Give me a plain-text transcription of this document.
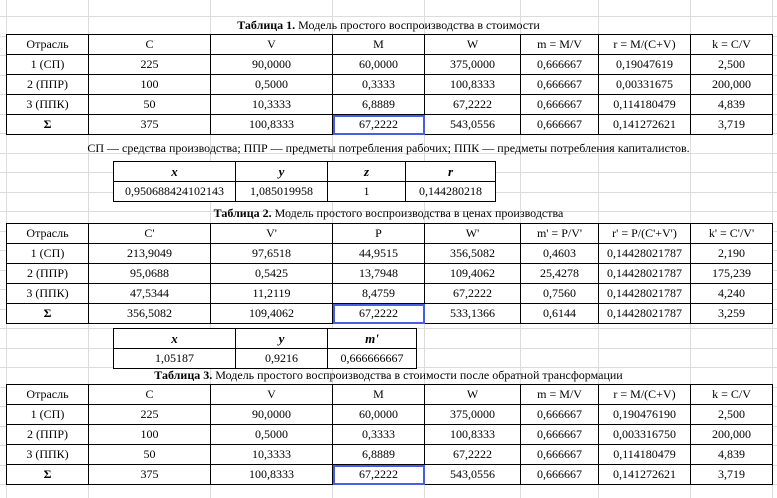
Таблица 1. Модель простого воспроизводства в стоимости
Отрасль	C	V	M	W	m = M/V	r = M/(C+V)	k = C/V
1 (СП)	225	90,0000	60,0000	375,0000	0,666667	0,19047619	2,500
2 (ППР)	100	0,5000	0,3333	100,8333	0,666667	0,00331675	200,000
3 (ППК)	50	10,3333	6,8889	67,2222	0,666667	0,114180479	4,839
Σ	375	100,8333	67,2222	543,0556	0,666667	0,141272621	3,719
СП — средства производства; ППР — предметы потребления рабочих; ППК — предметы потребления капиталистов.
x	y	z	r
0,950688424102143	1,085019958	1	0,144280218
Таблица 2. Модель простого воспроизводства в ценах производства
Отрасль	C'	V'	P	W'	m' = P/V'	r' = P/(C'+V')	k' = C'/V'
1 (СП)	213,9049	97,6518	44,9515	356,5082	0,4603	0,14428021787	2,190
2 (ППР)	95,0688	0,5425	13,7948	109,4062	25,4278	0,14428021787	175,239
3 (ППК)	47,5344	11,2119	8,4759	67,2222	0,7560	0,14428021787	4,240
Σ	356,5082	109,4062	67,2222	533,1366	0,6144	0,14428021787	3,259
x	y	m'
1,05187	0,9216	0,666666667
Таблица 3. Модель простого воспроизводства в стоимости после обратной трансформации
Отрасль	C	V	M	W	m = M/V	r = M/(C+V)	k = C/V
1 (СП)	225	90,0000	60,0000	375,0000	0,666667	0,190476190	2,500
2 (ППР)	100	0,5000	0,3333	100,8333	0,666667	0,003316750	200,000
3 (ППК)	50	10,3333	6,8889	67,2222	0,666667	0,114180479	4,839
Σ	375	100,8333	67,2222	543,0556	0,666667	0,141272621	3,719
